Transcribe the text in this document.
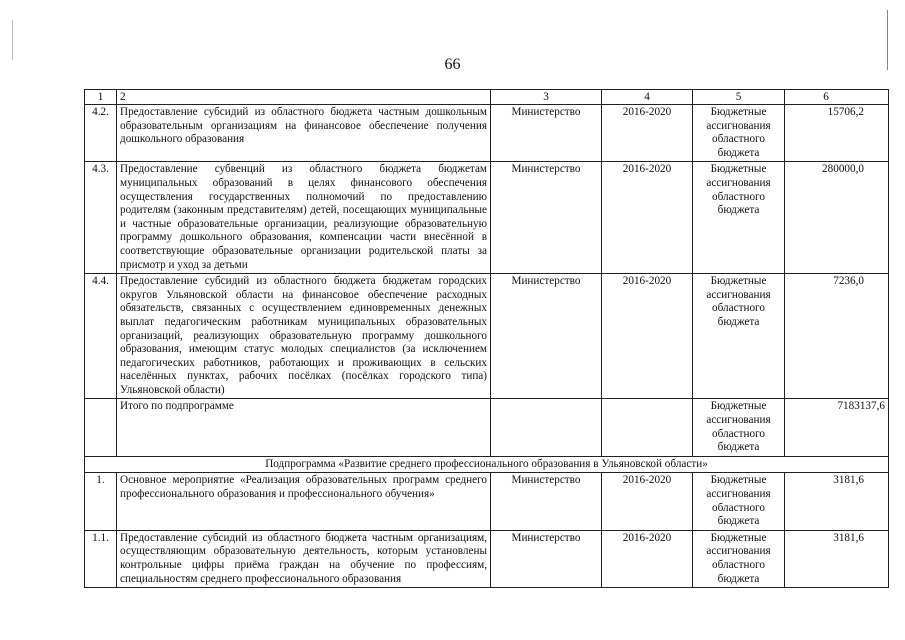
66
1	2	3	4	5	6
4.2.	Предоставление субсидий из областного бюджета частным дошкольным образовательным организациям на финансовое обеспечение получения дошкольного образования	Министерство	2016-2020	Бюджетные ассигнования областного бюджета	15706,2
4.3.	Предоставление субвенций из областного бюджета бюджетам муниципальных образований в целях финансового обеспечения осуществления государственных полномочий по предоставлению родителям (законным представителям) детей, посещающих муниципальные и частные образовательные организации, реализующие образовательную программу дошкольного образования, компенсации части внесённой в соответствующие образовательные организации родительской платы за присмотр и уход за детьми	Министерство	2016-2020	Бюджетные ассигнования областного бюджета	280000,0
4.4.	Предоставление субсидий из областного бюджета бюджетам городских округов Ульяновской области на финансовое обеспечение расходных обязательств, связанных с осуществлением единовременных денежных выплат педагогическим работникам муниципальных образовательных организаций, реализующих образовательную программу дошкольного образования, имеющим статус молодых специалистов (за исключением педагогических работников, работающих и проживающих в сельских населённых пунктах, рабочих посёлках (посёлках городского типа) Ульяновской области)	Министерство	2016-2020	Бюджетные ассигнования областного бюджета	7236,0
	Итого по подпрограмме			Бюджетные ассигнования областного бюджета	7183137,6
Подпрограмма «Развитие среднего профессионального образования в Ульяновской области»					
1.	Основное мероприятие «Реализация образовательных программ среднего профессионального образования и профессионального обучения»	Министерство	2016-2020	Бюджетные ассигнования областного бюджета	3181,6
1.1.	Предоставление субсидий из областного бюджета частным организациям, осуществляющим образовательную деятельность, которым установлены контрольные цифры приёма граждан на обучение по профессиям, специальностям среднего профессионального образования	Министерство	2016-2020	Бюджетные ассигнования областного бюджета	3181,6
